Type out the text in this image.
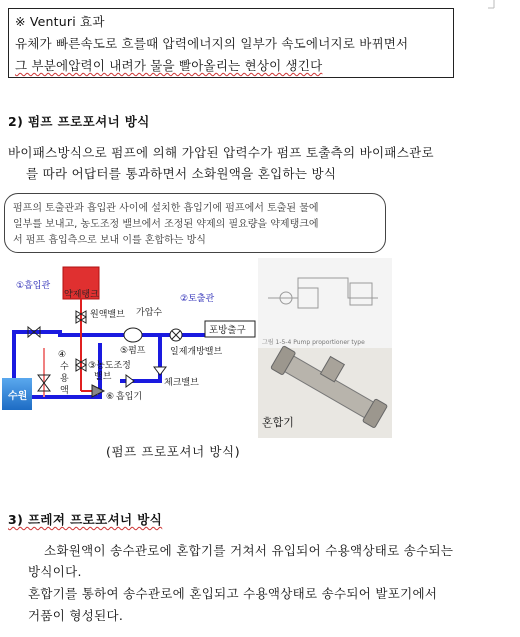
※ Venturi 효과
유체가 빠른속도로 흐를때 압력에너지의 일부가 속도에너지로 바뀌면서
그 부분에압력이 내려가 물을 빨아올리는 현상이 생긴다
2) 펌프 프로포셔너 방식
바이패스방식으로 펌프에 의해 가압된 압력수가 펌프 토출측의 바이패스관로
를 따라 어답터를 통과하면서 소화원액을 혼입하는 방식
펌프의 토출관과 흡입관 사이에 설치한 흡입기에 펌프에서 토출된 물에
일부를 보내고, 농도조정 밸브에서 조정된 약제의 필요량을 약제탱크에
서 펌프 흡입측으로 보내 이를 혼합하는 방식
수원
약제탱크
포방출구
①흡입관
②토출관
원액밸브 가압수
⑤펌프	일제개방밸브
③농도조정
밸브
④
수
용
액
⑥ 흡입기
체크밸브
그림 1-5-4 Pump proportioner type
혼합기
(펌프 프로포셔너 방식)
3) 프레져 프로포셔너 방식
소화원액이 송수관로에 혼합기를 거쳐서 유입되어 수용액상태로 송수되는
방식이다.
혼합기를 통하여 송수관로에 혼입되고 수용액상태로 송수되어 발포기에서
거품이 형성된다.
